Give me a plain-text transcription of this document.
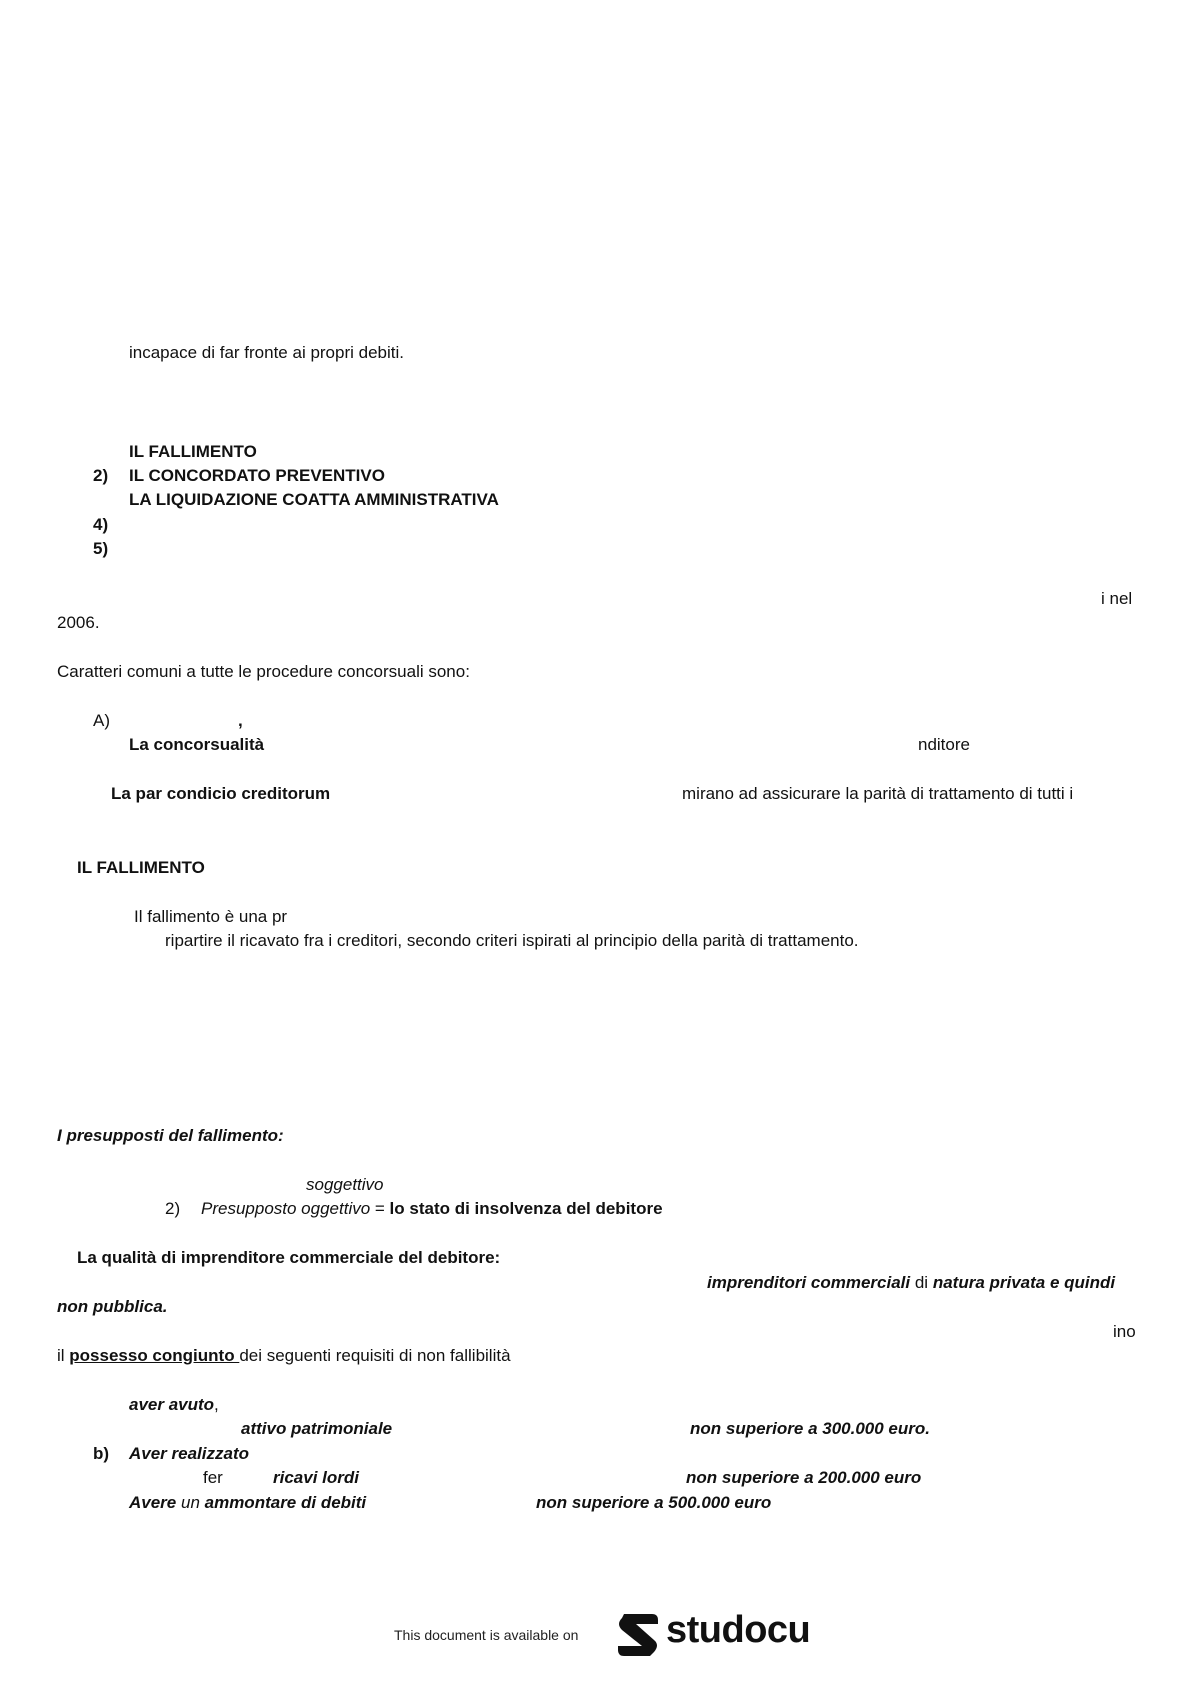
incapace di far fronte ai propri debiti.
IL FALLIMENTO
2) IL CONCORDATO PREVENTIVO
LA LIQUIDAZIONE COATTA AMMINISTRATIVA
4)
5)
i nel
2006.
Caratteri comuni a tutte le procedure concorsuali sono:
A)	,
La concorsualità	nditore
La par condicio creditorum	mirano ad assicurare la parità di trattamento di tutti i
IL FALLIMENTO
Il fallimento è una pr
ripartire il ricavato fra i creditori, secondo criteri ispirati al principio della parità di trattamento.
I presupposti del fallimento:
soggettivo
2) Presupposto oggettivo = lo stato di insolvenza del debitore
La qualità di imprenditore commerciale del debitore:
imprenditori commerciali di natura privata e quindi
non pubblica.
ino
il possesso congiunto dei seguenti requisiti di non fallibilità
aver avuto,
attivo patrimoniale	non superiore a 300.000 euro.
b) Aver realizzato
fer	ricavi lordi	non superiore a 200.000 euro
Avere un ammontare di debiti	non superiore a 500.000 euro
This document is available on studocu
